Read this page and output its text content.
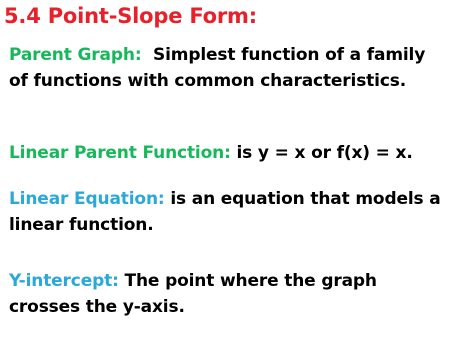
5.4 Point-Slope Form:

Parent Graph:  Simplest function of a family of functions with common characteristics.

Linear Parent Function: is y = x or f(x) = x.

Linear Equation: is an equation that models a linear function.

Y-intercept: The point where the graph crosses the y-axis.
